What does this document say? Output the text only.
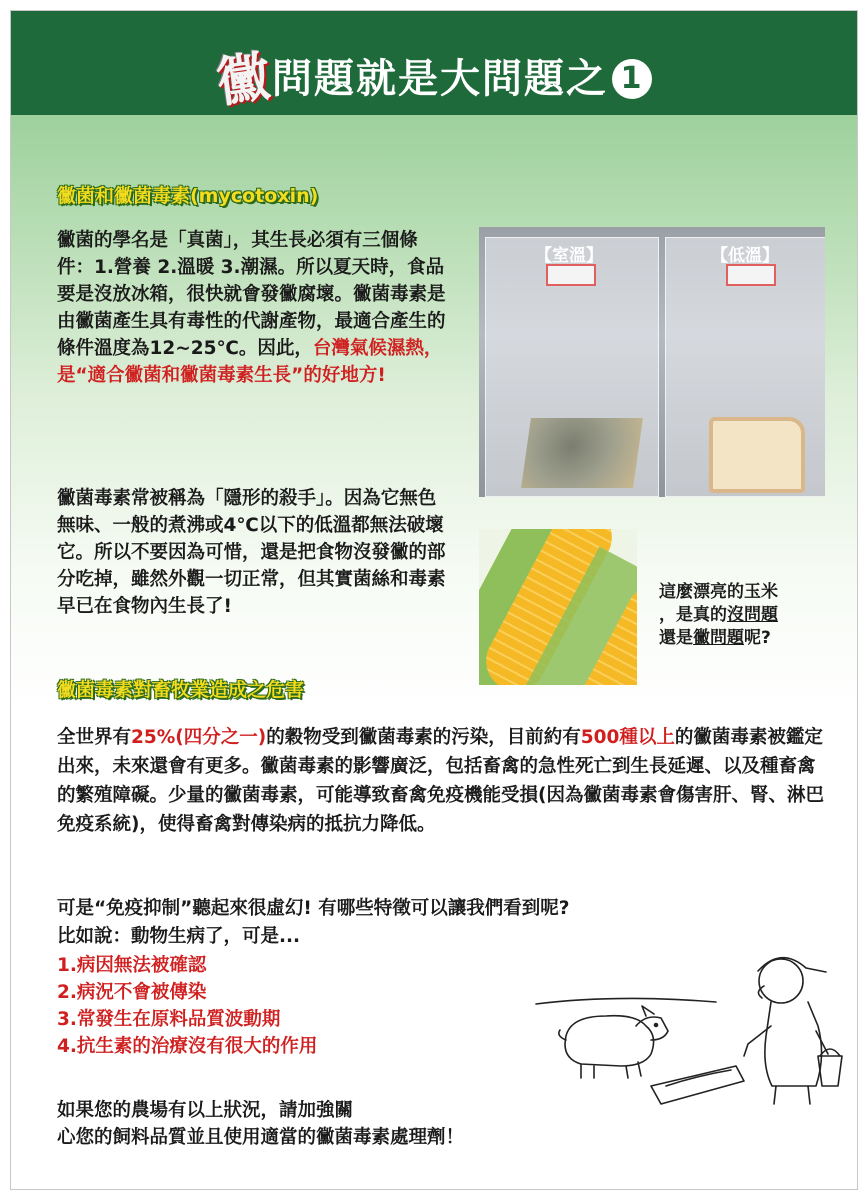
黴問題就是大問題之 1
黴菌和黴菌毒素(mycotoxin)

黴菌的學名是「真菌」，其生長必須有三個條件：1.營養 2.溫暖 3.潮濕。所以夏天時，食品要是沒放冰箱，很快就會發黴腐壞。黴菌毒素是由黴菌產生具有毒性的代謝產物，最適合產生的條件溫度為12~25℃。因此，台灣氣候濕熱，是“適合黴菌和黴菌毒素生長”的好地方!

黴菌毒素常被稱為「隱形的殺手」。因為它無色無味、一般的煮沸或4℃以下的低溫都無法破壞它。所以不要因為可惜，還是把食物沒發黴的部分吃掉，雖然外觀一切正常，但其實菌絲和毒素早已在食物內生長了!

【室溫】	【低溫】
這麼漂亮的玉米
，是真的沒問題
還是黴問題呢?
黴菌毒素對畜牧業造成之危害

全世界有25%(四分之一)的穀物受到黴菌毒素的污染，目前約有500種以上的黴菌毒素被鑑定出來，未來還會有更多。黴菌毒素的影響廣泛，包括畜禽的急性死亡到生長延遲、以及種畜禽的繁殖障礙。少量的黴菌毒素，可能導致畜禽免疫機能受損(因為黴菌毒素會傷害肝、腎、淋巴免疫系統)，使得畜禽對傳染病的抵抗力降低。

可是“免疫抑制”聽起來很虛幻! 有哪些特徵可以讓我們看到呢?

比如說：動物生病了，可是...

1.病因無法被確認
2.病況不會被傳染
3.常發生在原料品質波動期
4.抗生素的治療沒有很大的作用

如果您的農場有以上狀況，請加強關

心您的飼料品質並且使用適當的黴菌毒素處理劑！
